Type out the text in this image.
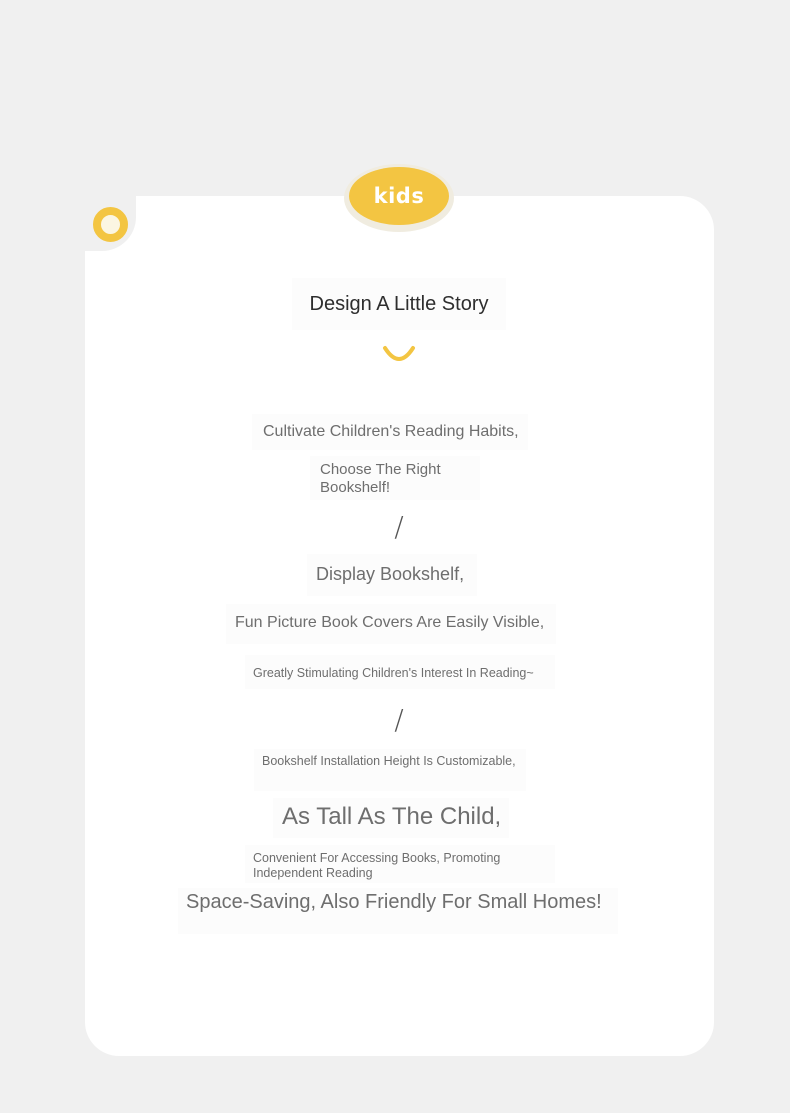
kids
Design A Little Story
Cultivate Children's Reading Habits,
Choose The Right Bookshelf!
/
Display Bookshelf,
Fun Picture Book Covers Are Easily Visible,
Greatly Stimulating Children's Interest In Reading~
/
Bookshelf Installation Height Is Customizable,
As Tall As The Child,
Convenient For Accessing Books, Promoting Independent Reading
Space-Saving, Also Friendly For Small Homes!
